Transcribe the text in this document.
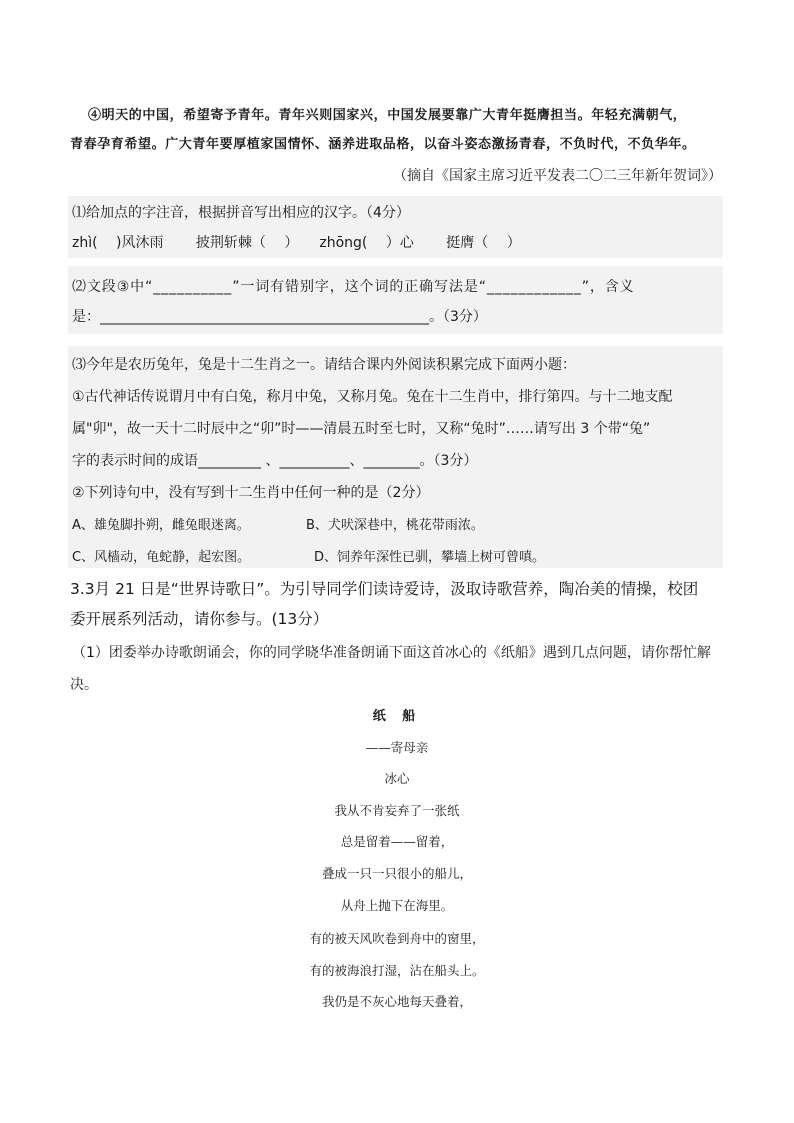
④明天的中国，希望寄予青年。青年兴则国家兴，中国发展要靠广大青年挺膺担当。年轻充满朝气，
青春孕育希望。广大青年要厚植家国情怀、涵养进取品格，以奋斗姿态激扬青春，不负时代，不负华年。
（摘自《国家主席习近平发表二〇二三年新年贺词》）
⑴给加点的字注音，根据拼音写出相应的汉字。（4分）
zhì(　 )风沐雨　　 披荆斩棘（　 ）　　zhōng(　 ）心　　 挺膺（　 ）
⑵文段③中“__________”一词有错别字，这个词的正确写法是“____________”，含义
是：_______________________________________________。（3分）
⑶今年是农历兔年，兔是十二生肖之一。请结合课内外阅读积累完成下面两小题：
①古代神话传说谓月中有白兔，称月中兔，又称月兔。兔在十二生肖中，排行第四。与十二地支配
属"卯"，故一天十二时辰中之“卯”时——清晨五时至七时，又称“兔时”……请写出 3 个带“兔”
字的表示时间的成语_________ 、__________、________。（3分）
②下列诗句中，没有写到十二生肖中任何一种的是（2分）
A、雄兔脚扑朔，雌兔眼迷离。	B、犬吠深巷中，桃花带雨浓。
C、风樯动，龟蛇静，起宏图。	D、饲养年深性已驯，攀墙上树可曾嗔。
3.3月 21 日是“世界诗歌日”。为引导同学们读诗爱诗，汲取诗歌营养，陶冶美的情操，校团
委开展系列活动，请你参与。(13分）
（1）团委举办诗歌朗诵会，你的同学晓华准备朗诵下面这首冰心的《纸船》遇到几点问题，请你帮忙解
决。
纸 船
——寄母亲
冰心
我从不肯妄弃了一张纸
总是留着——留着，
叠成一只一只很小的船儿，
从舟上抛下在海里。
有的被天风吹卷到舟中的窗里，
有的被海浪打湿，沾在船头上。
我仍是不灰心地每天叠着，
